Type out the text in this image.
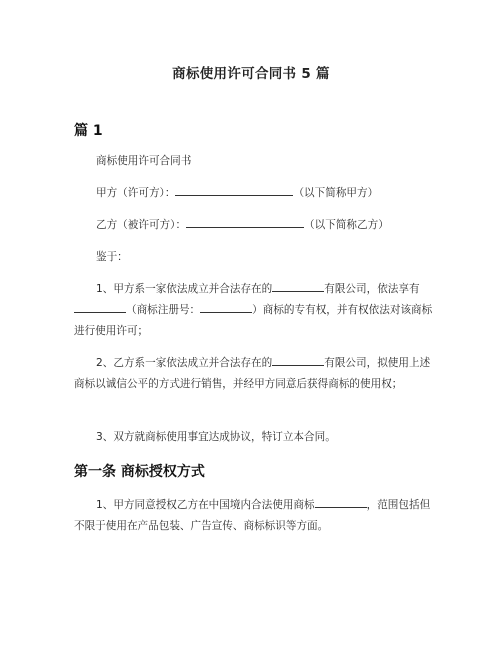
商标使用许可合同书 5 篇
篇 1

商标使用许可合同书

甲方（许可方）：	（以下简称甲方）

乙方（被许可方）：	（以下简称乙方）

鉴于：

1、甲方系一家依法成立并合法存在的	有限公司，依法享有（商标注册号：	）商标的专有权，并有权依法对该商标进行使用许可；

2、乙方系一家依法成立并合法存在的	有限公司，拟使用上述商标以诚信公平的方式进行销售，并经甲方同意后获得商标的使用权；

3、双方就商标使用事宜达成协议，特订立本合同。

第一条 商标授权方式

1、甲方同意授权乙方在中国境内合法使用商标	，范围包括但不限于使用在产品包装、广告宣传、商标标识等方面。
